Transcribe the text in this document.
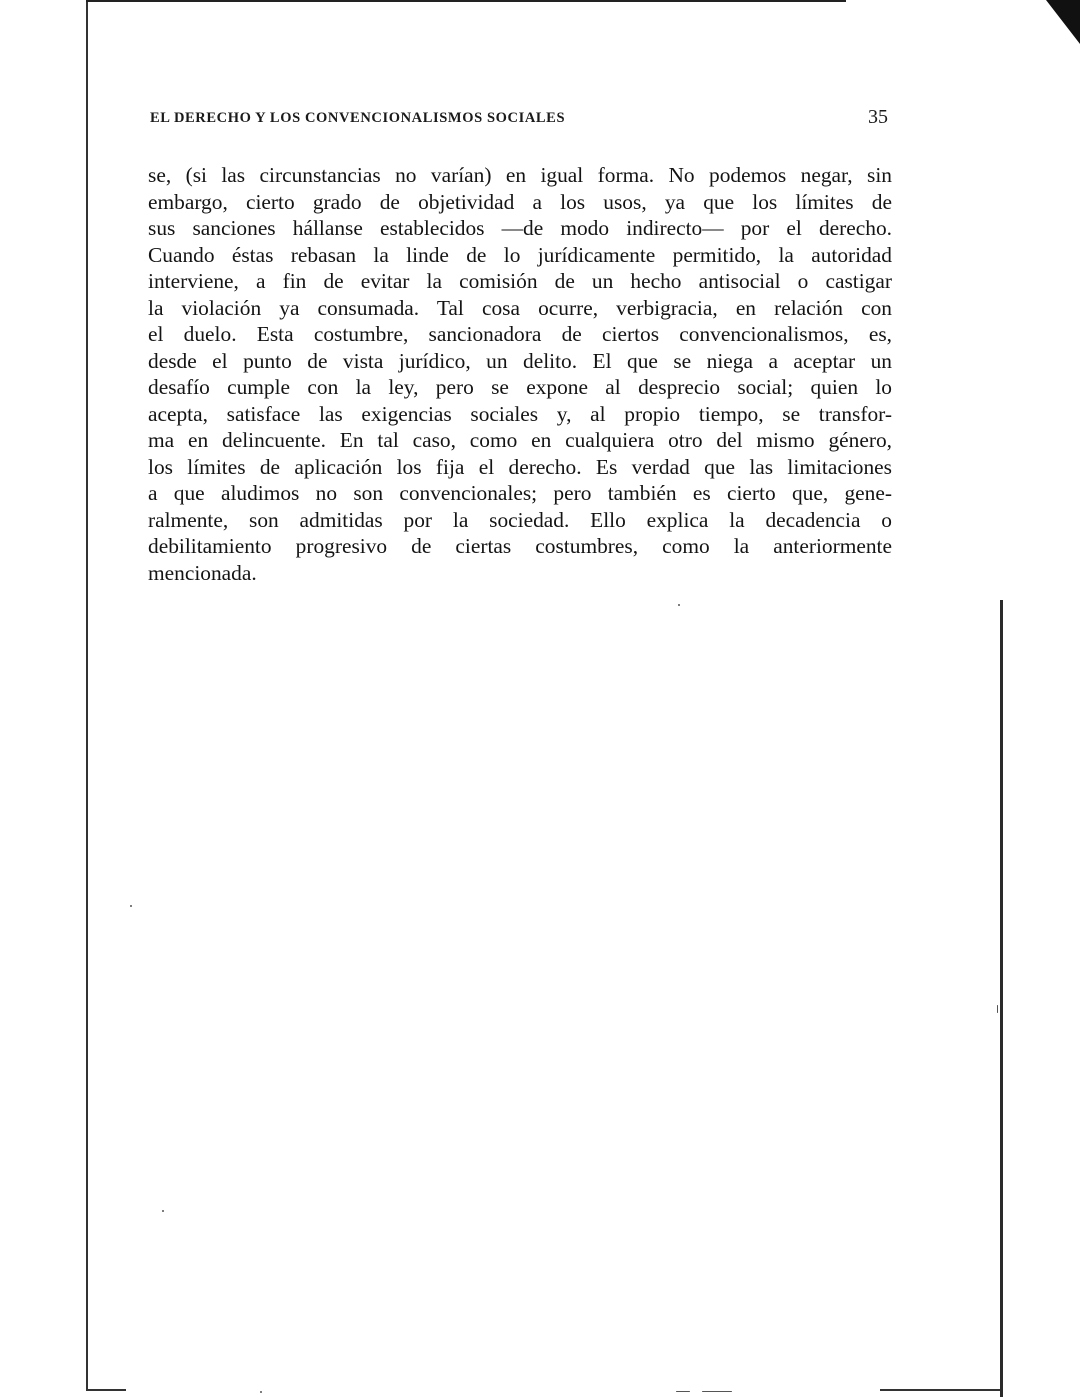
EL DERECHO Y LOS CONVENCIONALISMOS SOCIALES	35
se, (si las circunstancias no varían) en igual forma. No podemos negar, sin
embargo, cierto grado de objetividad a los usos, ya que los límites de
sus sanciones hállanse establecidos —de modo indirecto— por el derecho.
Cuando éstas rebasan la linde de lo jurídicamente permitido, la autoridad
interviene, a fin de evitar la comisión de un hecho antisocial o castigar
la violación ya consumada. Tal cosa ocurre, verbigracia, en relación con
el duelo. Esta costumbre, sancionadora de ciertos convencionalismos, es,
desde el punto de vista jurídico, un delito. El que se niega a aceptar un
desafío cumple con la ley, pero se expone al desprecio social; quien lo
acepta, satisface las exigencias sociales y, al propio tiempo, se transfor-
ma en delincuente. En tal caso, como en cualquiera otro del mismo género,
los límites de aplicación los fija el derecho. Es verdad que las limitaciones
a que aludimos no son convencionales; pero también es cierto que, gene-
ralmente, son admitidas por la sociedad. Ello explica la decadencia o
debilitamiento progresivo de ciertas costumbres, como la anteriormente
mencionada.
